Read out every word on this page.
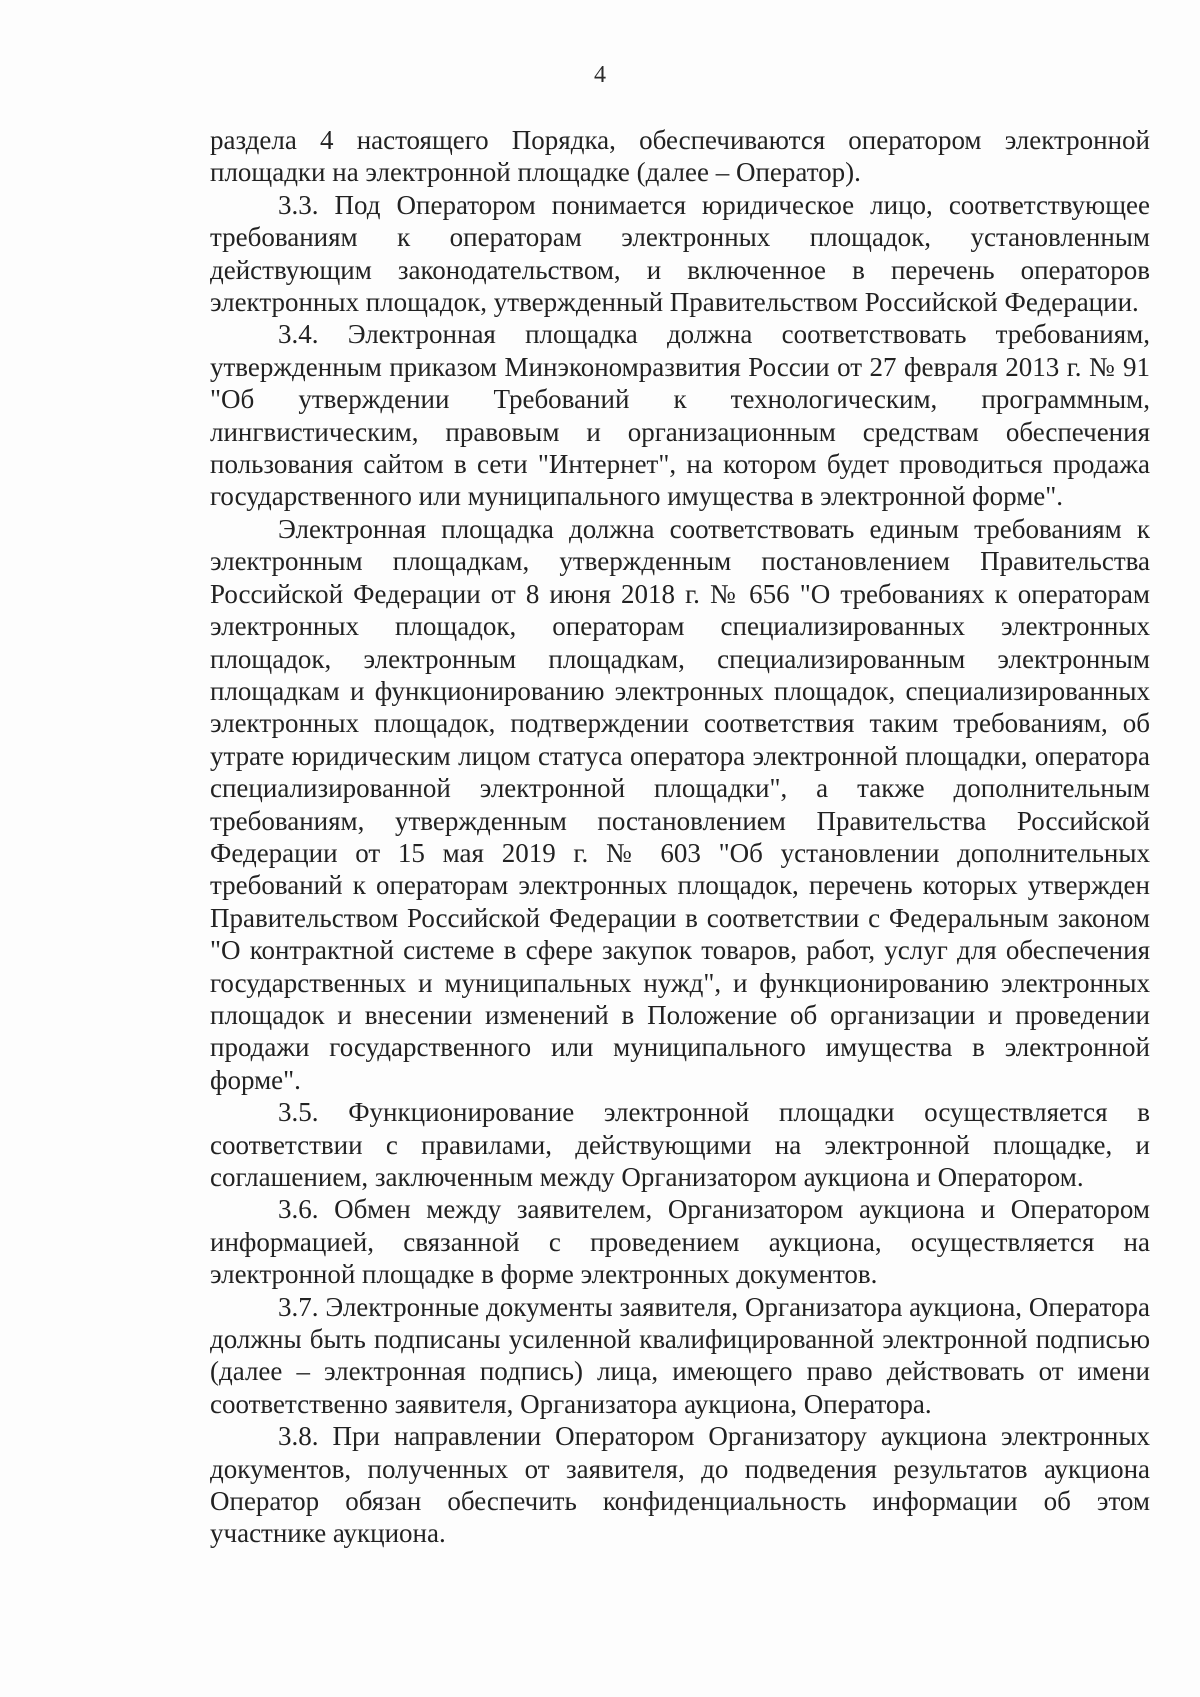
4

раздела 4 настоящего Порядка, обеспечиваются оператором электронной площадки на электронной площадке (далее – Оператор).

3.3. Под Оператором понимается юридическое лицо, соответствующее требованиям к операторам электронных площадок, установленным действующим законодательством, и включенное в перечень операторов электронных площадок, утвержденный Правительством Российской Федерации.

3.4. Электронная площадка должна соответствовать требованиям, утвержденным приказом Минэкономразвития России от 27 февраля 2013 г. № 91 "Об утверждении Требований к технологическим, программным, лингвистическим, правовым и организационным средствам обеспечения пользования сайтом в сети "Интернет", на котором будет проводиться продажа государственного или муниципального имущества в электронной форме".

Электронная площадка должна соответствовать единым требованиям к электронным площадкам, утвержденным постановлением Правительства Российской Федерации от 8 июня 2018 г. № 656 "О требованиях к операторам электронных площадок, операторам специализированных электронных площадок, электронным площадкам, специализированным электронным площадкам и функционированию электронных площадок, специализированных электронных площадок, подтверждении соответствия таким требованиям, об утрате юридическим лицом статуса оператора электронной площадки, оператора специализированной электронной площадки", а также дополнительным требованиям, утвержденным постановлением Правительства Российской Федерации от 15 мая 2019 г. № 603 "Об установлении дополнительных требований к операторам электронных площадок, перечень которых утвержден Правительством Российской Федерации в соответствии с Федеральным законом "О контрактной системе в сфере закупок товаров, работ, услуг для обеспечения государственных и муниципальных нужд", и функционированию электронных площадок и внесении изменений в Положение об организации и проведении продажи государственного или муниципального имущества в электронной форме".

3.5. Функционирование электронной площадки осуществляется в соответствии с правилами, действующими на электронной площадке, и соглашением, заключенным между Организатором аукциона и Оператором.

3.6. Обмен между заявителем, Организатором аукциона и Оператором информацией, связанной с проведением аукциона, осуществляется на электронной площадке в форме электронных документов.

3.7. Электронные документы заявителя, Организатора аукциона, Оператора должны быть подписаны усиленной квалифицированной электронной подписью (далее – электронная подпись) лица, имеющего право действовать от имени соответственно заявителя, Организатора аукциона, Оператора.

3.8. При направлении Оператором Организатору аукциона электронных документов, полученных от заявителя, до подведения результатов аукциона Оператор обязан обеспечить конфиденциальность информации об этом участнике аукциона.
